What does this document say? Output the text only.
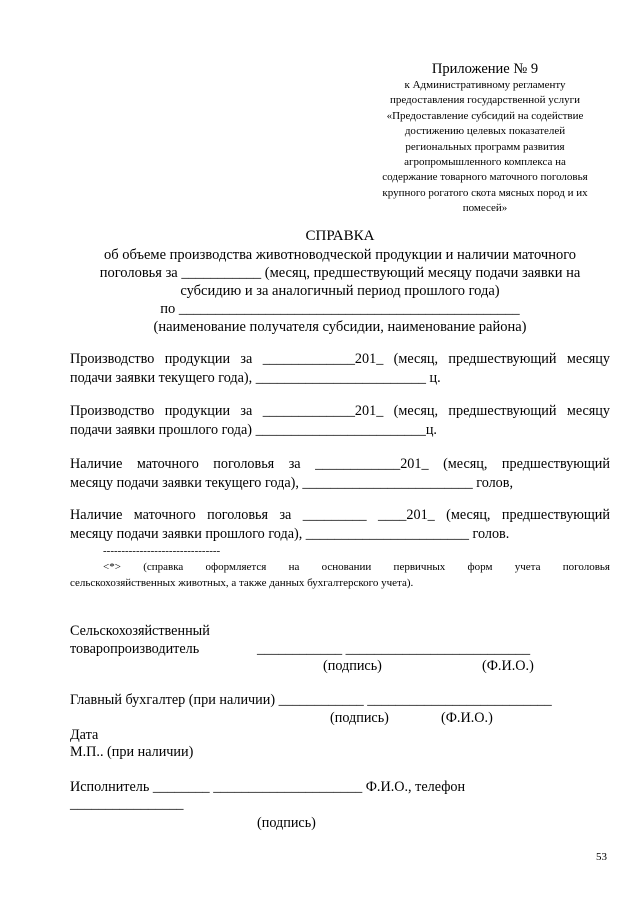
Приложение № 9
к Административному регламенту
предоставления государственной услуги
«Предоставление субсидий на содействие
достижению целевых показателей
региональных программ развития
агропромышленного комплекса на
содержание товарного маточного поголовья
крупного рогатого скота мясных пород и их
помесей»
СПРАВКА
об объеме производства животноводческой продукции и наличии маточного
поголовья за ___________ (месяц, предшествующий месяцу подачи заявки на
субсидию и за аналогичный период прошлого года)
по _______________________________________________
(наименование получателя субсидии, наименование района)
Производство продукции за _____________201_ (месяц, предшествующий месяцу
подачи заявки текущего года), ________________________ ц.
Производство продукции за _____________201_ (месяц, предшествующий месяцу
подачи заявки прошлого года) ________________________ц.
Наличие маточного поголовья за ____________201_ (месяц, предшествующий
месяцу подачи заявки текущего года), ________________________ голов,
Наличие маточного поголовья за _________ ____201_ (месяц, предшествующий
месяцу подачи заявки прошлого года), _______________________ голов.
--------------------------------
<*> (справка оформляется на основании первичных форм учета поголовья
сельскохозяйственных животных, а также данных бухгалтерского учета).
Сельскохозяйственный
товаропроизводитель	____________ __________________________
(подпись)	(Ф.И.О.)
Главный бухгалтер (при наличии) ____________ __________________________
(подпись)	(Ф.И.О.)
Дата
М.П.. (при наличии)
Исполнитель ________ _____________________ Ф.И.О., телефон
________________
(подпись)
53
